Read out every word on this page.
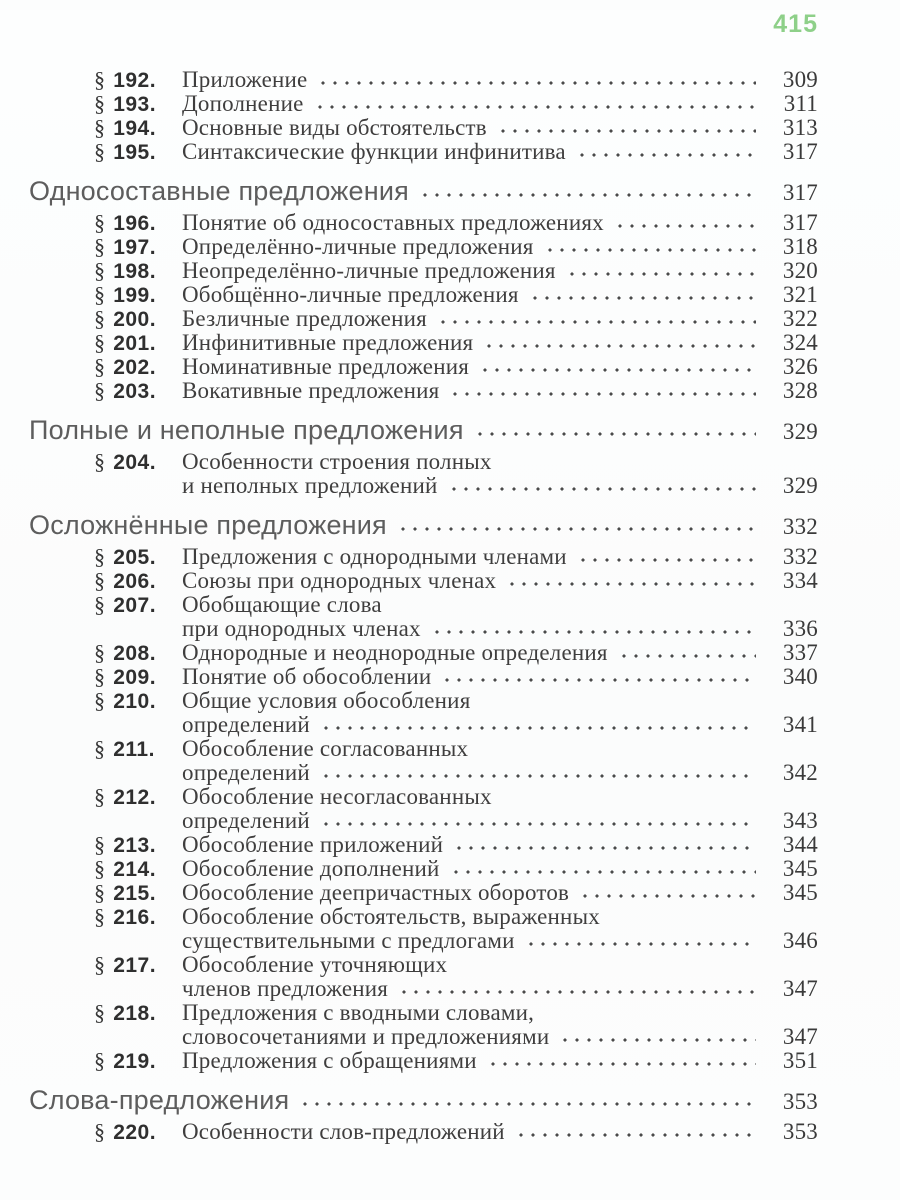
§ 192.	Приложение	309
§ 193.	Дополнение	311
§ 194.	Основные виды обстоятельств	313
§ 195.	Синтаксические функции инфинитива	317
Односоставные предложения	317
§ 196.	Понятие об односоставных предложениях	317
§ 197.	Определённо-личные предложения	318
§ 198.	Неопределённо-личные предложения	320
§ 199.	Обобщённо-личные предложения	321
§ 200.	Безличные предложения	322
§ 201.	Инфинитивные предложения	324
§ 202.	Номинативные предложения	326
§ 203.	Вокативные предложения	328
Полные и неполные предложения	329
§ 204.	Особенности строения полных
и неполных предложений	329
Осложнённые предложения	332
§ 205.	Предложения с однородными членами	332
§ 206.	Союзы при однородных членах	334
§ 207.	Обобщающие слова
при однородных членах	336
§ 208.	Однородные и неоднородные определения	337
§ 209.	Понятие об обособлении	340
§ 210.	Общие условия обособления
определений	341
§ 211.	Обособление согласованных
определений	342
§ 212.	Обособление несогласованных
определений	343
§ 213.	Обособление приложений	344
§ 214.	Обособление дополнений	345
§ 215.	Обособление деепричастных оборотов	345
§ 216.	Обособление обстоятельств, выраженных
существительными с предлогами	346
§ 217.	Обособление уточняющих
членов предложения	347
§ 218.	Предложения с вводными словами,
словосочетаниями и предложениями	347
§ 219.	Предложения с обращениями	351
Слова-предложения	353
§ 220.	Особенности слов-предложений	353
415
